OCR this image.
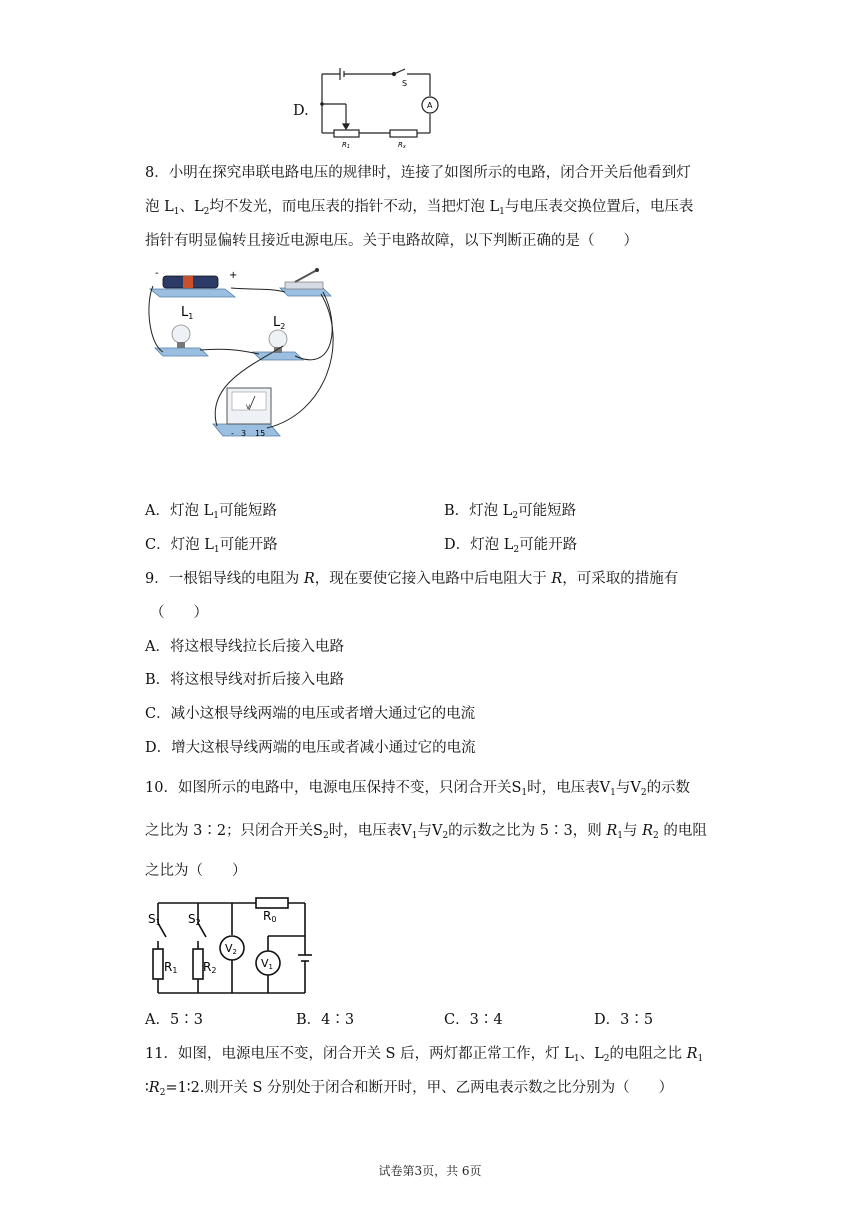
D.
S
A
R1	Rx
8．小明在探究串联电路电压的规律时，连接了如图所示的电路，闭合开关后他看到灯
泡 $L_1$、$L_2$均不发光，而电压表的指针不动，当把灯泡 $L_1$与电压表交换位置后，电压表
指针有明显偏转且接近电源电压。关于电路故障，以下判断正确的是（　　）
-	+
$L_1$	$L_2$
V
- 3 15
A．灯泡 $L_1$可能短路	B．灯泡 $L_2$可能短路
C．灯泡 $L_1$可能开路	D．灯泡 $L_2$可能开路
9．一根铝导线的电阻为 R，现在要使它接入电路中后电阻大于 R，可采取的措施有
（　　）
A．将这根导线拉长后接入电路
B．将这根导线对折后接入电路
C．减小这根导线两端的电压或者增大通过它的电流
D．增大这根导线两端的电压或者减小通过它的电流
10．如图所示的电路中，电源电压保持不变，只闭合开关$S_1$时，电压表$V_1$与$V_2$的示数
之比为 3∶2；只闭合开关$S_2$时，电压表$V_1$与$V_2$的示数之比为 5∶3，则 $R_1$与 $R_2$ 的电阻
之比为（　　）
S1 S2	R0
R1 R2
V2
V1
A．5∶3	B．4∶3	C．3∶4	D．3∶5
11．如图，电源电压不变，闭合开关 S 后，两灯都正常工作，灯 $L_1$、$L_2$的电阻之比 $R_1$
$∶R_2=1∶2$.则开关 S 分别处于闭合和断开时，甲、乙两电表示数之比分别为（　　）
试卷第3页，共 6页
